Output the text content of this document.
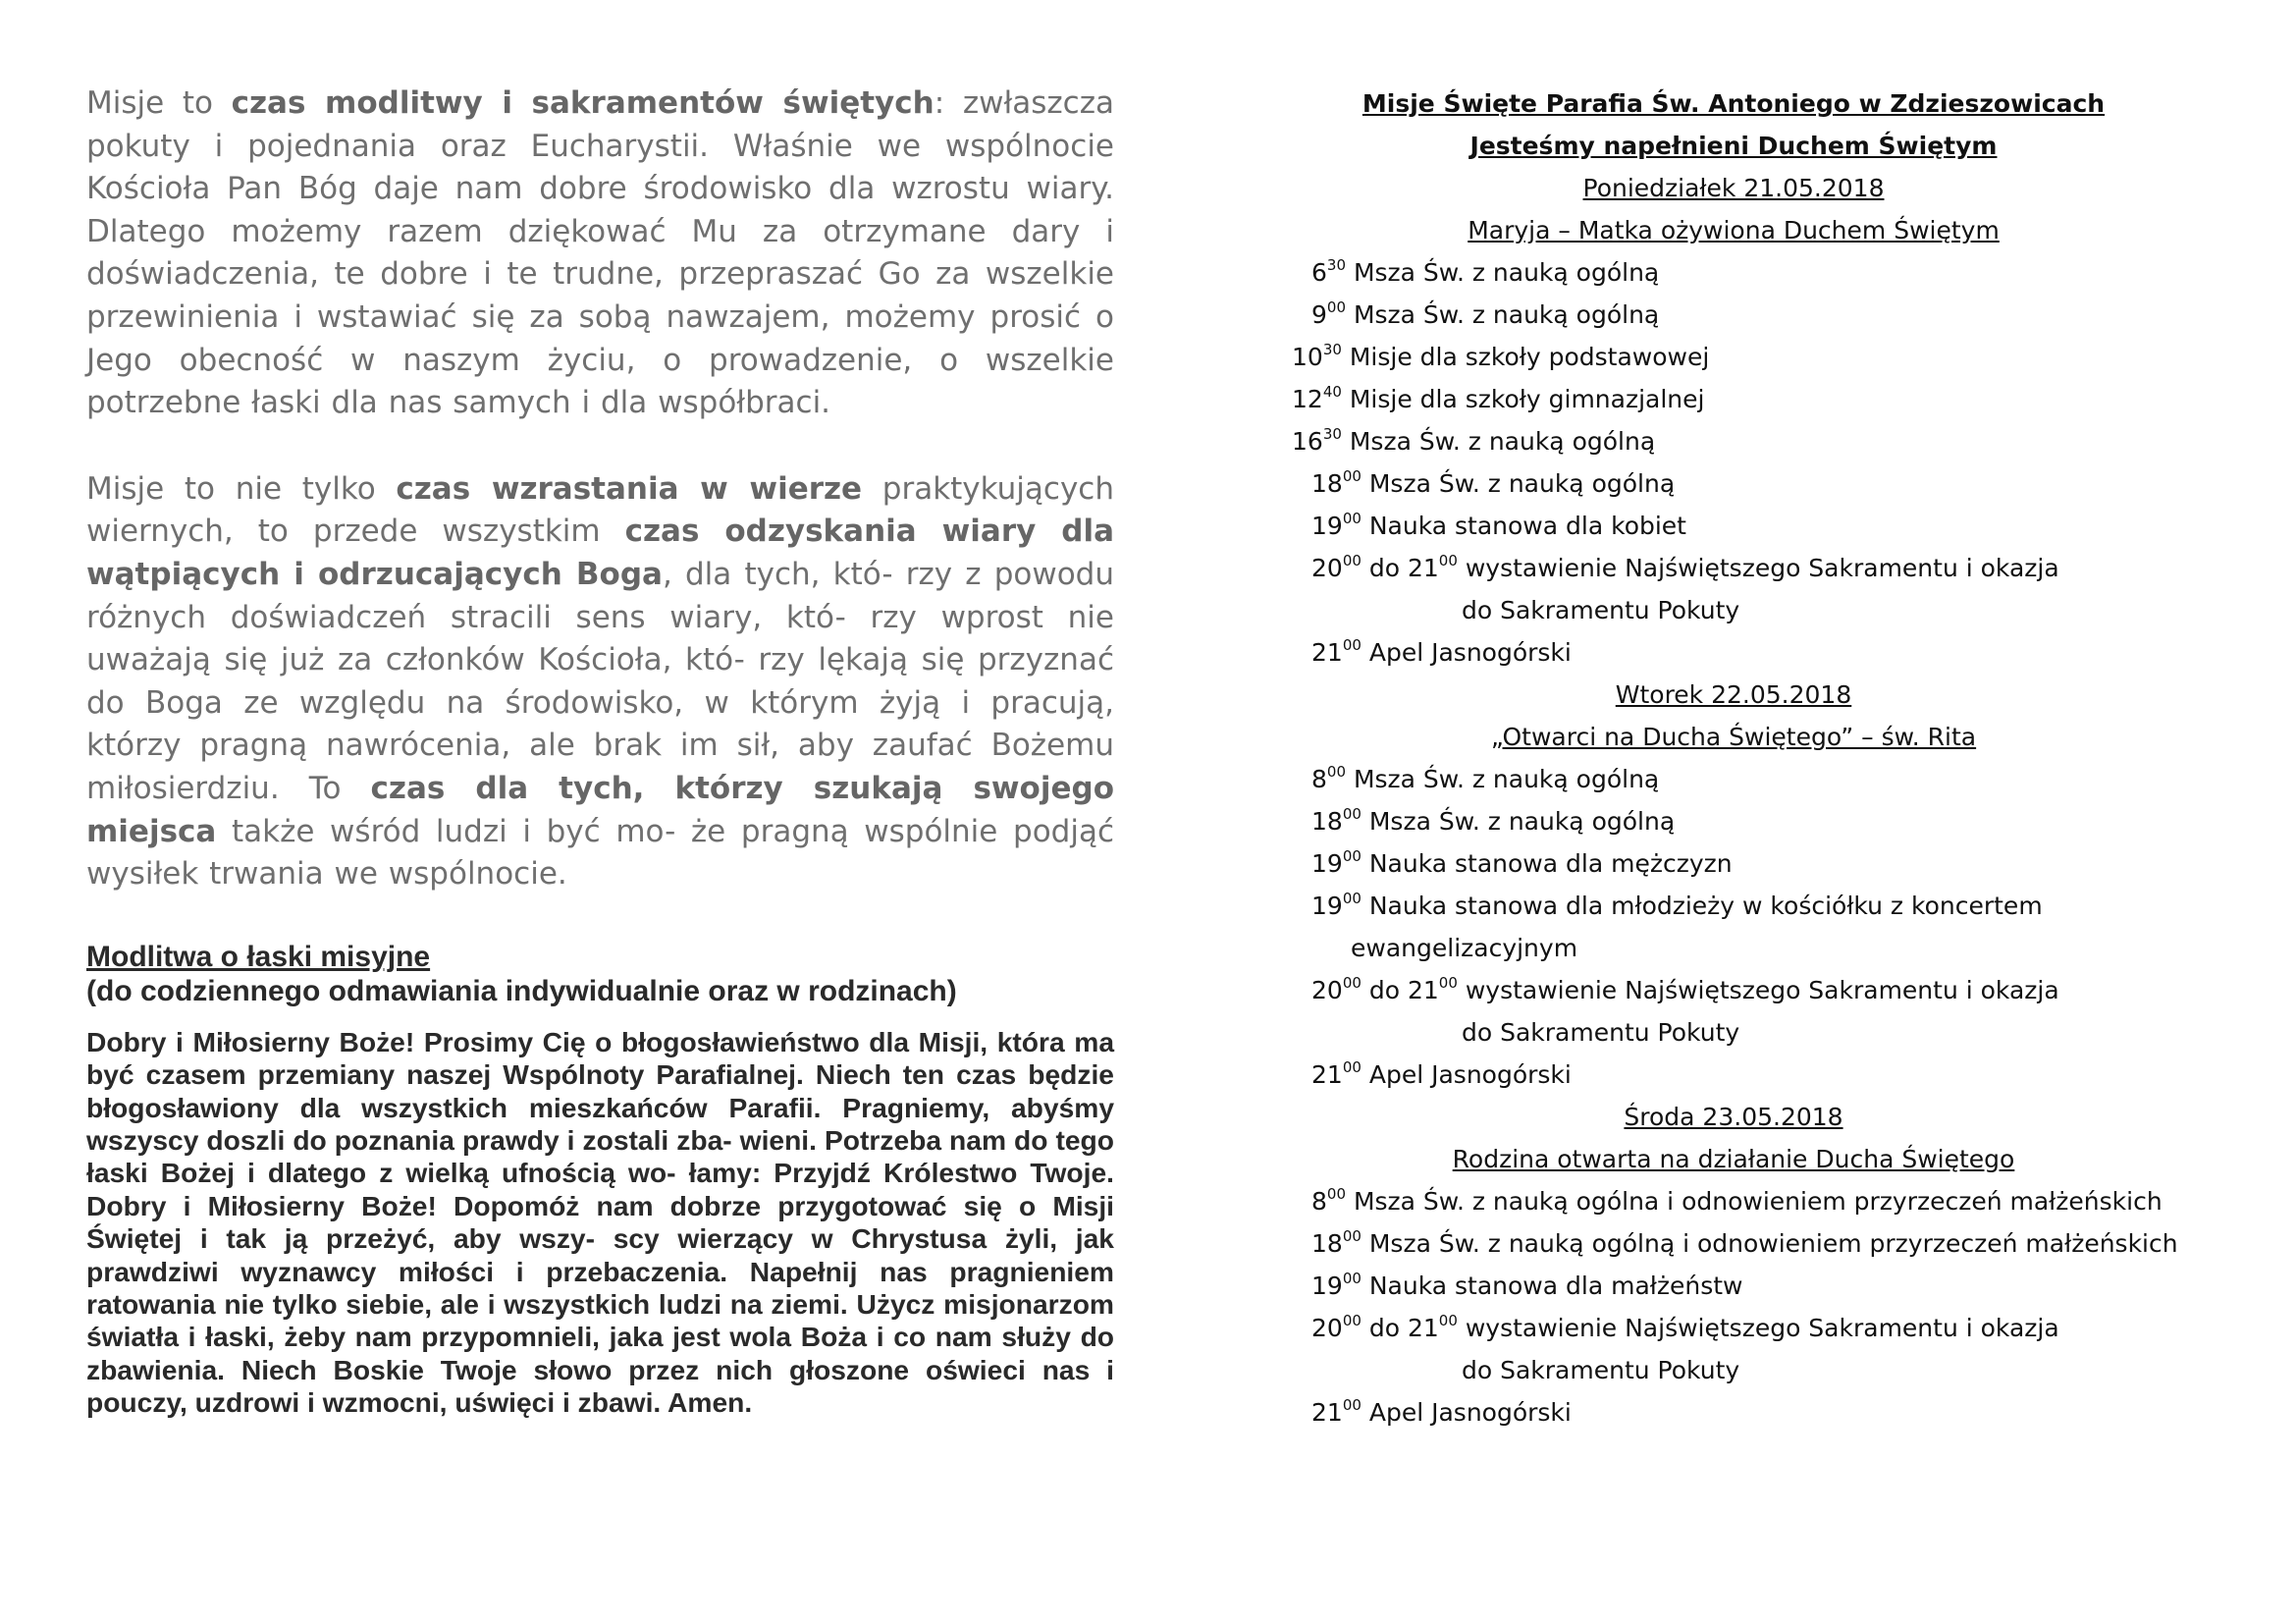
Misje to czas modlitwy i sakramentów świętych: zwłaszcza pokuty i pojednania oraz Eucharystii. Właśnie we wspólnocie Kościoła Pan Bóg daje nam dobre środowisko dla wzrostu wiary. Dlatego możemy razem dziękować Mu za otrzymane dary i doświadczenia, te dobre i te trudne, przepraszać Go za wszelkie przewinienia i wstawiać się za sobą nawzajem, możemy prosić o Jego obecność w naszym życiu, o prowadzenie, o wszelkie potrzebne łaski dla nas samych i dla współbraci.

Misje to nie tylko czas wzrastania w wierze praktykujących wiernych, to przede wszystkim czas odzyskania wiary dla wątpiących i odrzucających Boga, dla tych, któ- rzy z powodu różnych doświadczeń stracili sens wiary, któ- rzy wprost nie uważają się już za członków Kościoła, któ- rzy lękają się przyznać do Boga ze względu na środowisko, w którym żyją i pracują, którzy pragną nawrócenia, ale brak im sił, aby zaufać Bożemu miłosierdziu. To czas dla tych, którzy szukają swojego miejsca także wśród ludzi i być mo- że pragną wspólnie podjąć wysiłek trwania we wspólnocie.

Modlitwa o łaski misyjne
(do codziennego odmawiania indywidualnie oraz w rodzinach)
Dobry i Miłosierny Boże! Prosimy Cię o błogosławieństwo dla Misji, która ma być czasem przemiany naszej Wspólnoty Parafialnej. Niech ten czas będzie błogosławiony dla wszystkich mieszkańców Parafii. Pragniemy, abyśmy wszyscy doszli do poznania prawdy i zostali zba- wieni. Potrzeba nam do tego łaski Bożej i dlatego z wielką ufnością wo- łamy: Przyjdź Królestwo Twoje. Dobry i Miłosierny Boże! Dopomóż nam dobrze przygotować się o Misji Świętej i tak ją przeżyć, aby wszy- scy wierzący w Chrystusa żyli, jak prawdziwi wyznawcy miłości i przebaczenia. Napełnij nas pragnieniem ratowania nie tylko siebie, ale i wszystkich ludzi na ziemi. Użycz misjonarzom światła i łaski, żeby nam przypomnieli, jaka jest wola Boża i co nam służy do zbawienia. Niech Boskie Twoje słowo przez nich głoszone oświeci nas i pouczy, uzdrowi i wzmocni, uświęci i zbawi. Amen.
Misje Święte Parafia Św. Antoniego w Zdzieszowicach
Jesteśmy napełnieni Duchem Świętym
Poniedziałek 21.05.2018
Maryja – Matka ożywiona Duchem Świętym
$6^{30}$ Msza Św. z nauką ogólną
$9^{00}$ Msza Św. z nauką ogólną
$10^{30}$ Misje dla szkoły podstawowej
$12^{40}$ Misje dla szkoły gimnazjalnej
$16^{30}$ Msza Św. z nauką ogólną
$18^{00}$ Msza Św. z nauką ogólną
$19^{00}$ Nauka stanowa dla kobiet
$20^{00}$ do $21^{00}$ wystawienie Najświętszego Sakramentu i okazja
do Sakramentu Pokuty
$21^{00}$ Apel Jasnogórski
Wtorek 22.05.2018
„Otwarci na Ducha Świętego” – św. Rita
$8^{00}$ Msza Św. z nauką ogólną
$18^{00}$ Msza Św. z nauką ogólną
$19^{00}$ Nauka stanowa dla mężczyzn
$19^{00}$ Nauka stanowa dla młodzieży w kościółku z koncertem
ewangelizacyjnym
$20^{00}$ do $21^{00}$ wystawienie Najświętszego Sakramentu i okazja
do Sakramentu Pokuty
$21^{00}$ Apel Jasnogórski
Środa 23.05.2018
Rodzina otwarta na działanie Ducha Świętego
$8^{00}$ Msza Św. z nauką ogólna i odnowieniem przyrzeczeń małżeńskich
$18^{00}$ Msza Św. z nauką ogólną i odnowieniem przyrzeczeń małżeńskich
$19^{00}$ Nauka stanowa dla małżeństw
$20^{00}$ do $21^{00}$ wystawienie Najświętszego Sakramentu i okazja
do Sakramentu Pokuty
$21^{00}$ Apel Jasnogórski
